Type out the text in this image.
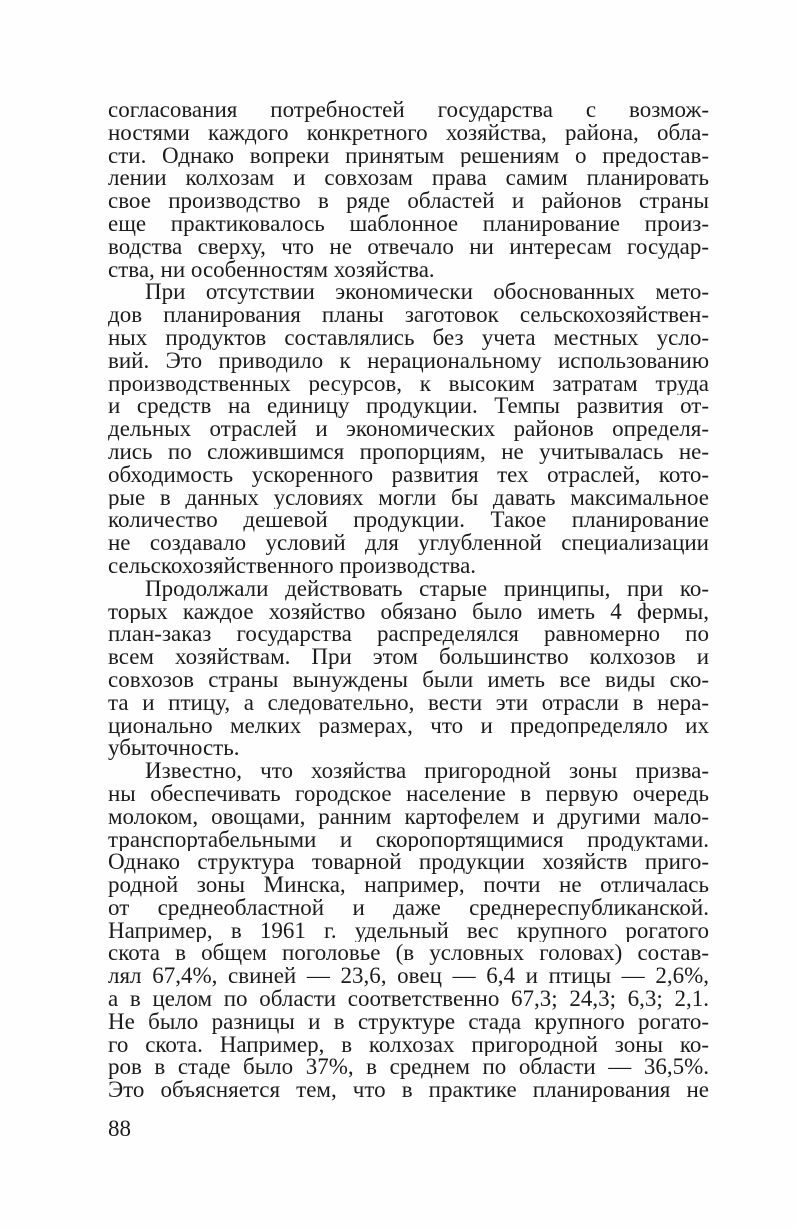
согласования потребностей государства с возмож-
ностями каждого конкретного хозяйства, района, обла-
сти. Однако вопреки принятым решениям о предостав-
лении колхозам и совхозам права самим планировать
свое производство в ряде областей и районов страны
еще практиковалось шаблонное планирование произ-
водства сверху, что не отвечало ни интересам государ-
ства, ни особенностям хозяйства.
При отсутствии экономически обоснованных мето-
дов планирования планы заготовок сельскохозяйствен-
ных продуктов составлялись без учета местных усло-
вий. Это приводило к нерациональному использованию
производственных ресурсов, к высоким затратам труда
и средств на единицу продукции. Темпы развития от-
дельных отраслей и экономических районов определя-
лись по сложившимся пропорциям, не учитывалась не-
обходимость ускоренного развития тех отраслей, кото-
рые в данных условиях могли бы давать максимальное
количество дешевой продукции. Такое планирование
не создавало условий для углубленной специализации
сельскохозяйственного производства.
Продолжали действовать старые принципы, при ко-
торых каждое хозяйство обязано было иметь 4 фермы,
план-заказ государства распределялся равномерно по
всем хозяйствам. При этом большинство колхозов и
совхозов страны вынуждены были иметь все виды ско-
та и птицу, а следовательно, вести эти отрасли в нера-
ционально мелких размерах, что и предопределяло их
убыточность.
Известно, что хозяйства пригородной зоны призва-
ны обеспечивать городское население в первую очередь
молоком, овощами, ранним картофелем и другими мало-
транспортабельными и скоропортящимися продуктами.
Однако структура товарной продукции хозяйств приго-
родной зоны Минска, например, почти не отличалась
от среднеобластной и даже среднереспубликанской.
Например, в 1961 г. удельный вес крупного рогатого
скота в общем поголовье (в условных головах) состав-
лял 67,4%, свиней — 23,6, овец — 6,4 и птицы — 2,6%,
а в целом по области соответственно 67,3; 24,3; 6,3; 2,1.
Не было разницы и в структуре стада крупного рогато-
го скота. Например, в колхозах пригородной зоны ко-
ров в стаде было 37%, в среднем по области — 36,5%.
Это объясняется тем, что в практике планирования не
88
